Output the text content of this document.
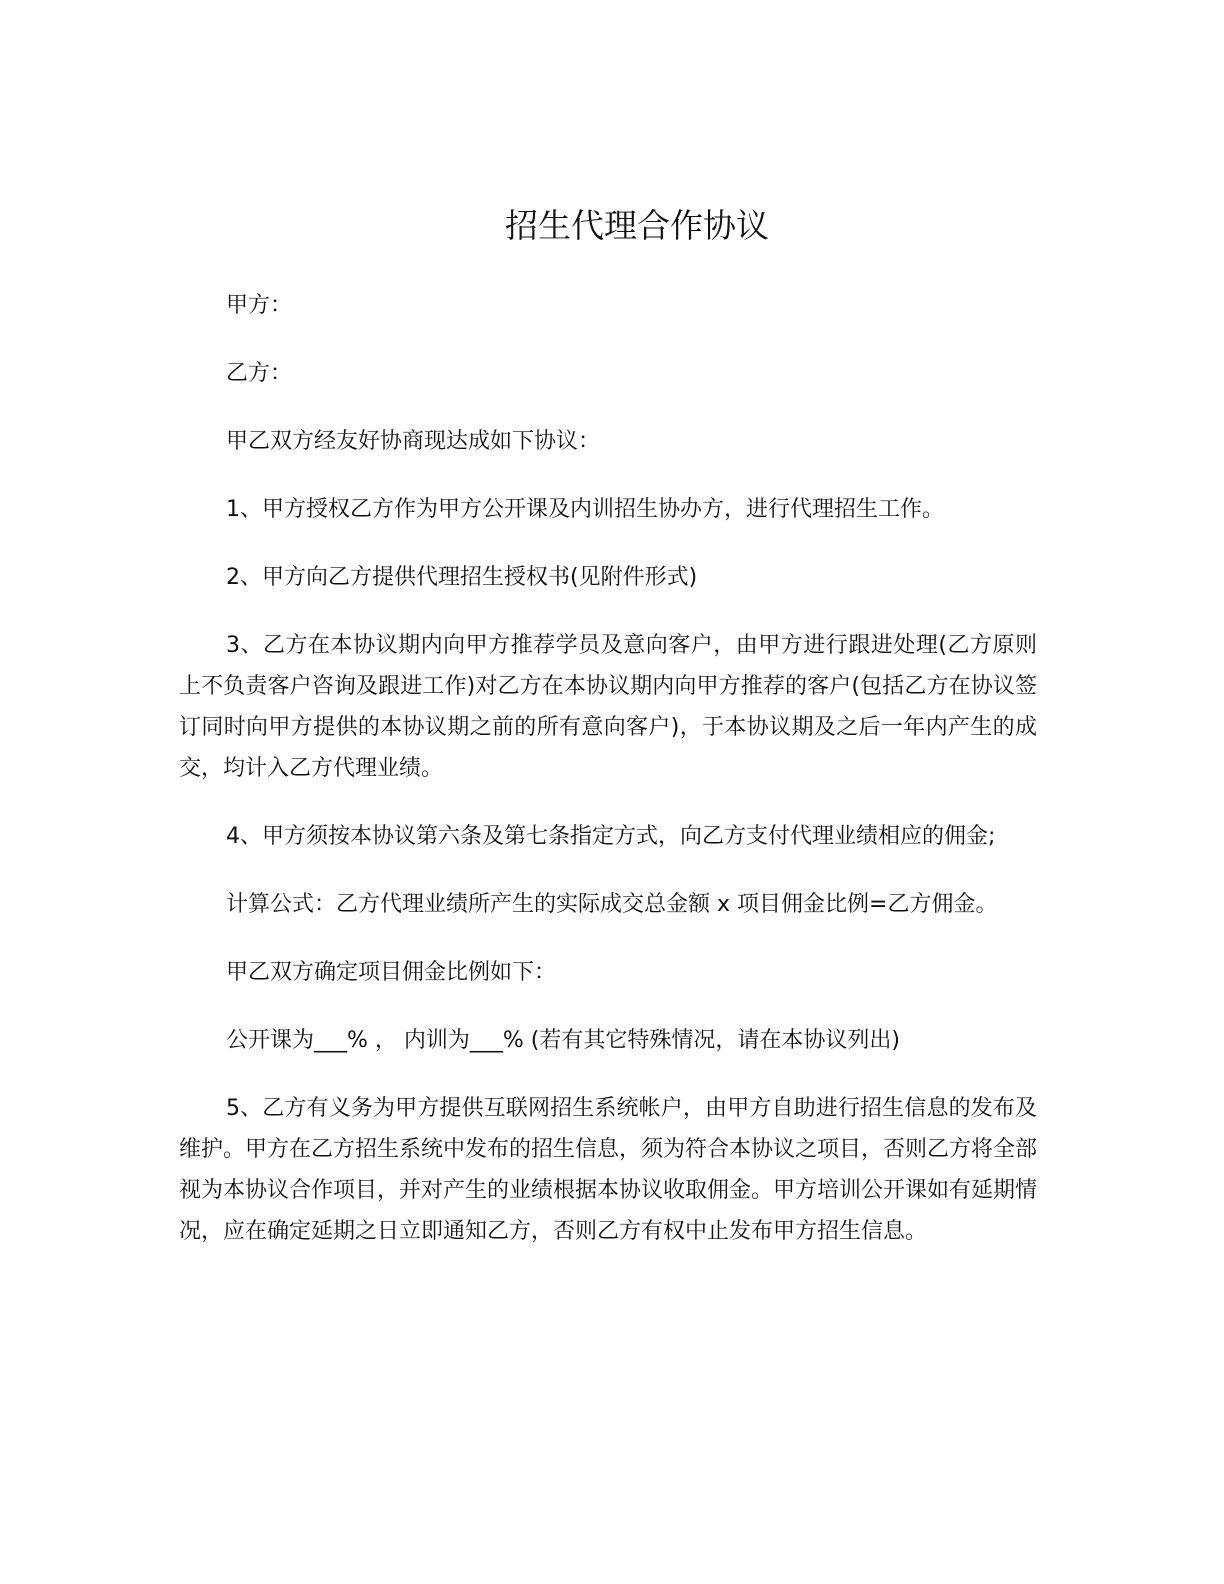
招生代理合作协议

甲方：

乙方：

甲乙双方经友好协商现达成如下协议：

1、甲方授权乙方作为甲方公开课及内训招生协办方，进行代理招生工作。

2、甲方向乙方提供代理招生授权书(见附件形式)

3、乙方在本协议期内向甲方推荐学员及意向客户，由甲方进行跟进处理(乙方原则上不负责客户咨询及跟进工作)对乙方在本协议期内向甲方推荐的客户(包括乙方在协议签订同时向甲方提供的本协议期之前的所有意向客户)，于本协议期及之后一年内产生的成交，均计入乙方代理业绩。

4、甲方须按本协议第六条及第七条指定方式，向乙方支付代理业绩相应的佣金;

计算公式：乙方代理业绩所产生的实际成交总金额 x 项目佣金比例=乙方佣金。

甲乙双方确定项目佣金比例如下：

公开课为___% ， 内训为___% (若有其它特殊情况，请在本协议列出)

5、乙方有义务为甲方提供互联网招生系统帐户，由甲方自助进行招生信息的发布及维护。甲方在乙方招生系统中发布的招生信息，须为符合本协议之项目，否则乙方将全部视为本协议合作项目，并对产生的业绩根据本协议收取佣金。甲方培训公开课如有延期情况，应在确定延期之日立即通知乙方，否则乙方有权中止发布甲方招生信息。
